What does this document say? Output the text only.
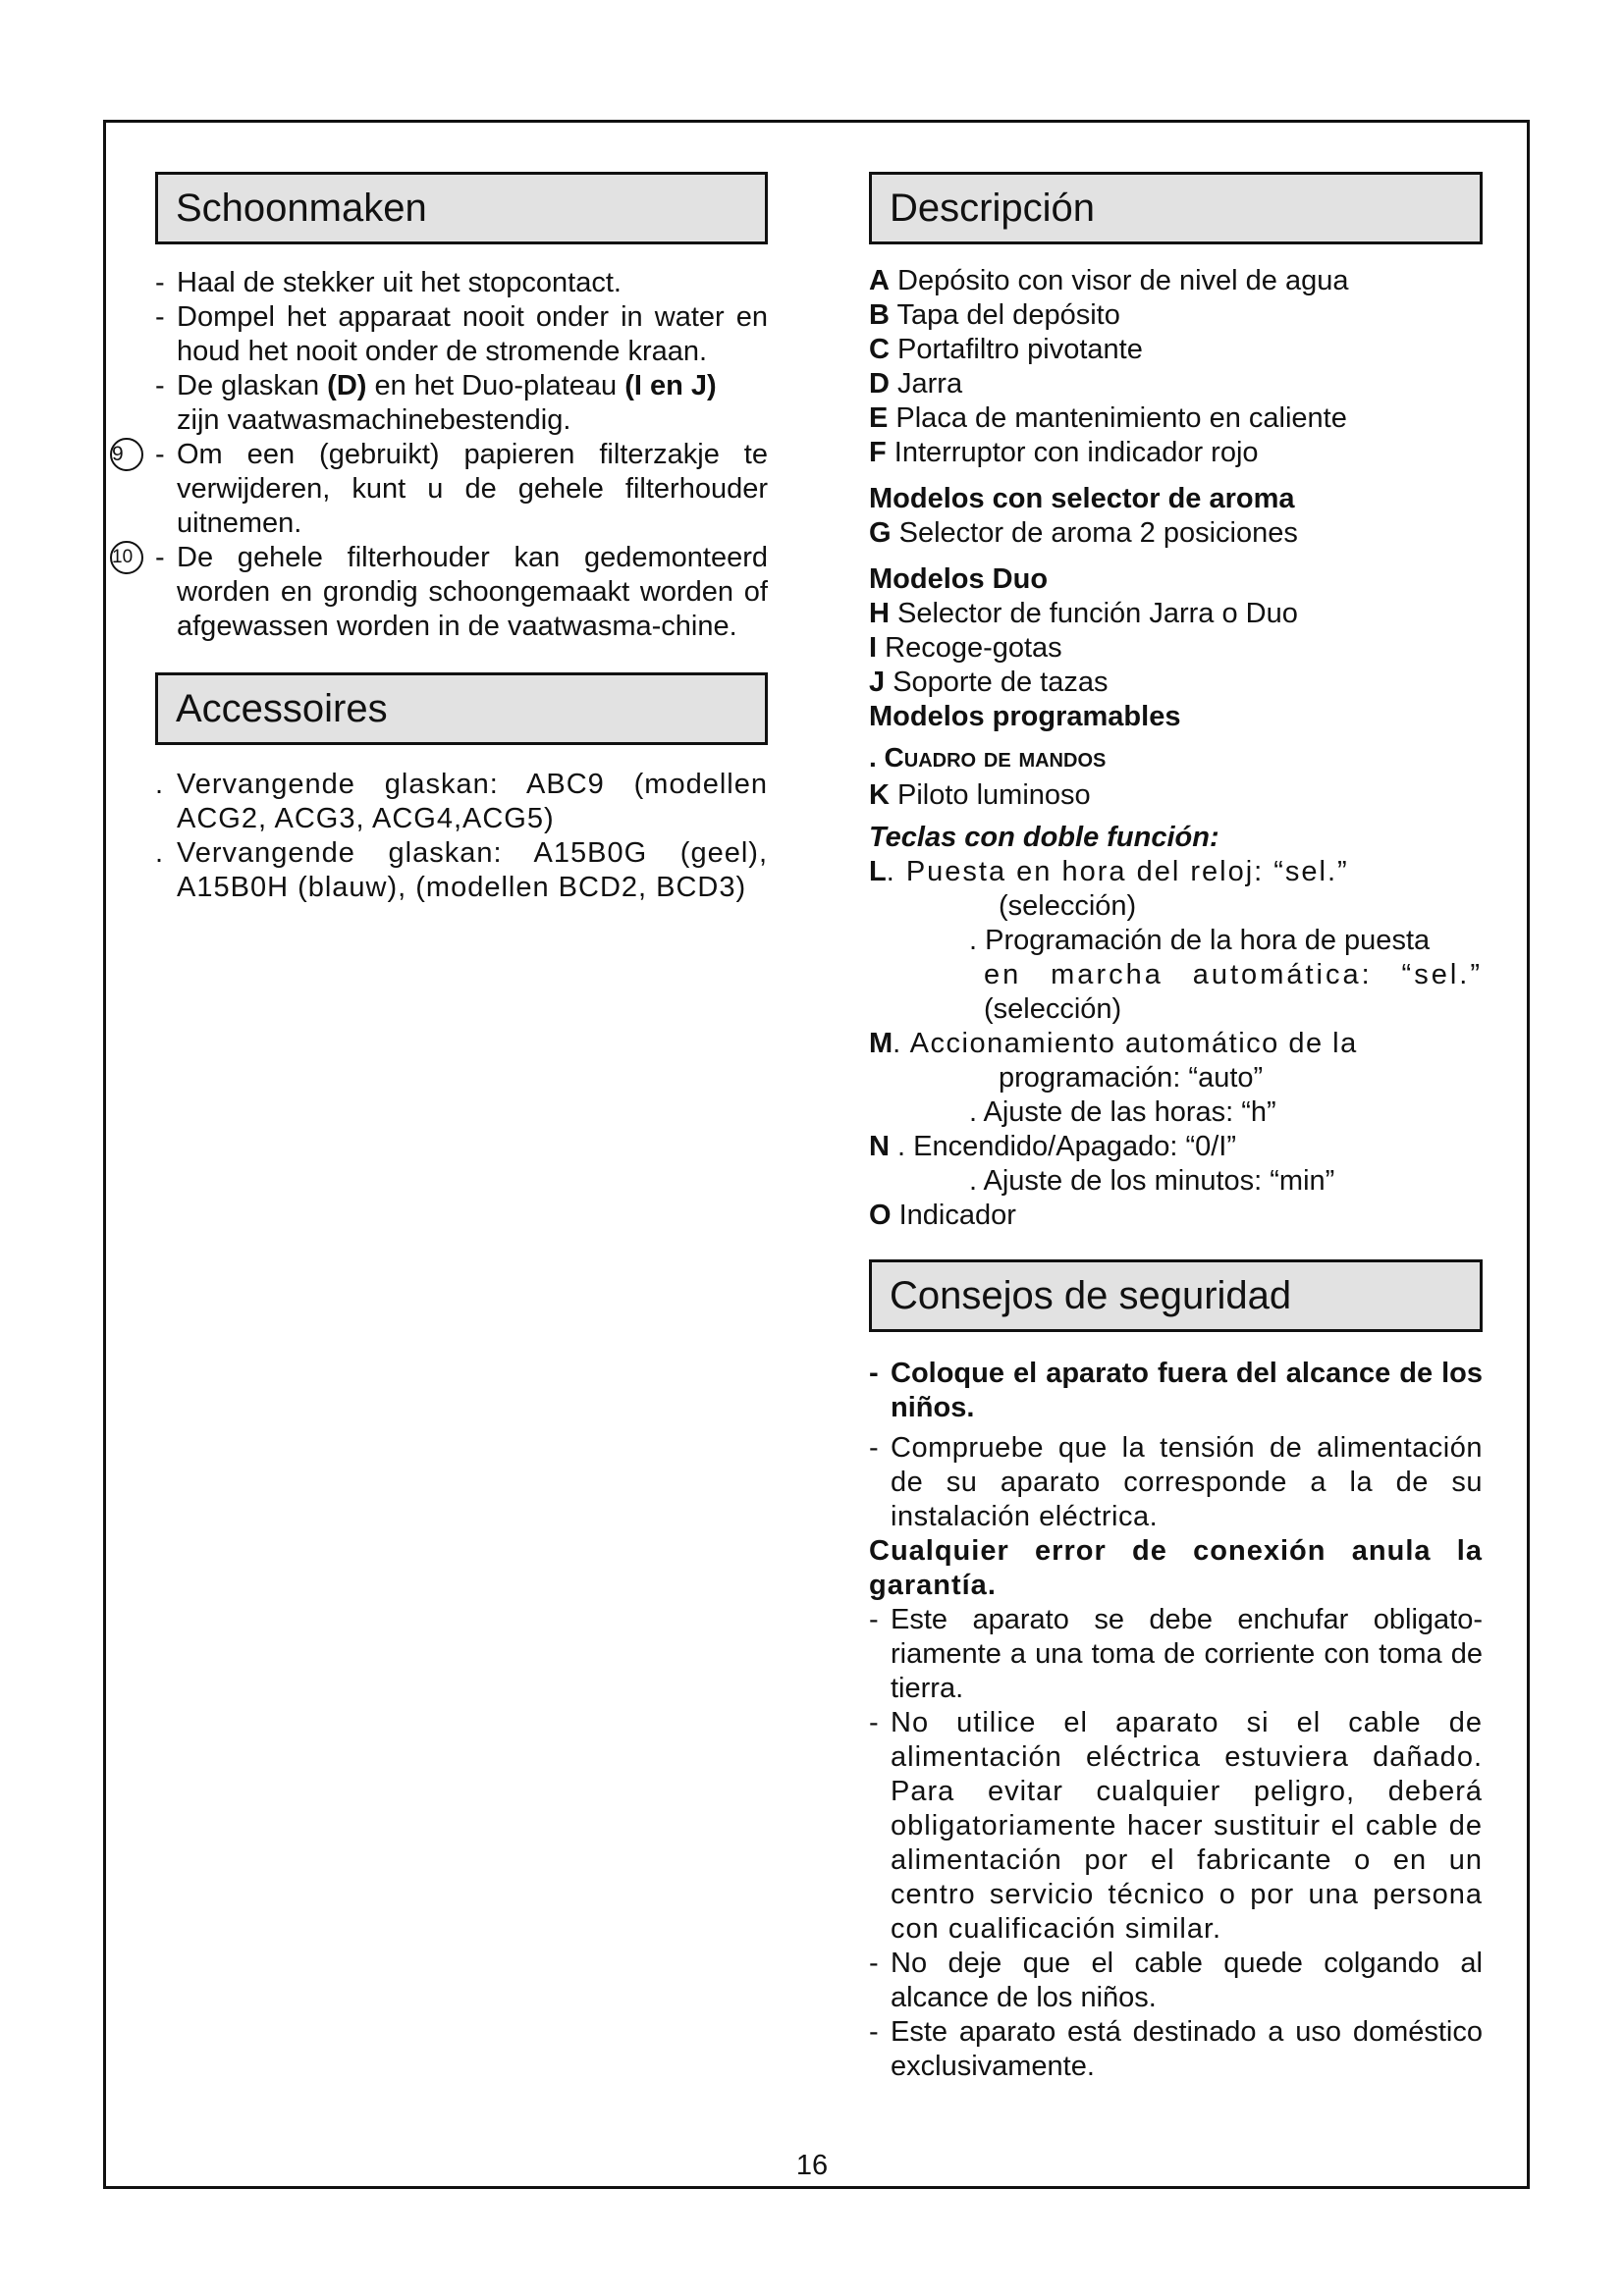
Schoonmaken
- Haal de stekker uit het stopcontact.
- Dompel het apparaat nooit onder in water en houd het nooit onder de stromende kraan.
- De glaskan (D) en het Duo-plateau (I en J)
zijn vaatwasmachinebestendig.
9	- Om een (gebruikt) papieren filterzakje te verwijderen, kunt u de gehele filterhouder uitnemen.
10 - De gehele filterhouder kan gedemonteerd worden en grondig schoongemaakt worden of afgewassen worden in de vaatwasma-chine.
Accessoires
. Vervangende glaskan: ABC9 (modellen ACG2, ACG3, ACG4,ACG5)
. Vervangende glaskan: A15B0G (geel), A15B0H (blauw), (modellen BCD2, BCD3)
Descripción
A Depósito con visor de nivel de agua
B Tapa del depósito
C Portafiltro pivotante
D Jarra
E Placa de mantenimiento en caliente
F Interruptor con indicador rojo
Modelos con selector de aroma
G Selector de aroma 2 posiciones
Modelos Duo
H Selector de función Jarra o Duo
I Recoge-gotas
J Soporte de tazas
Modelos programables
. Cuadro de mandos
K Piloto luminoso
Teclas con doble función:
L. Puesta en hora del reloj: “sel.”
(selección)
. Programación de la hora de puesta
en marcha automática: “sel.”
(selección)
M. Accionamiento automático de la
programación: “auto”
. Ajuste de las horas: “h”
N . Encendido/Apagado: “0/I”
. Ajuste de los minutos: “min”
O Indicador
Consejos de seguridad
- Coloque el aparato fuera del alcance de los niños.
- Compruebe que la tensión de alimentación de su aparato corresponde a la de su instalación eléctrica.
Cualquier error de conexión anula la garantía.
- Este aparato se debe enchufar obligato-riamente a una toma de corriente con toma de tierra.
- No utilice el aparato si el cable de alimentación eléctrica estuviera dañado. Para evitar cualquier peligro, deberá obligatoriamente hacer sustituir el cable de alimentación por el fabricante o en un centro servicio técnico o por una persona con cualificación similar.
- No deje que el cable quede colgando al alcance de los niños.
- Este aparato está destinado a uso doméstico exclusivamente.
16
